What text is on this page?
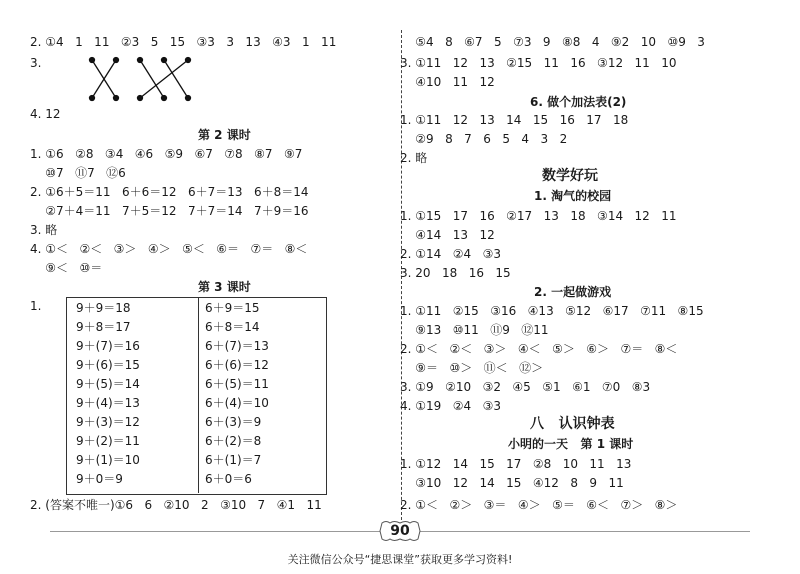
2. ①4   1   11   ②3   5   15   ③3   3   13   ④3   1   11
3.
4. 12
第 2 课时
1. ①6   ②8   ③4   ④6   ⑤9   ⑥7   ⑦8   ⑧7   ⑨7
⑩7   ⑪7   ⑫6
2. ①6＋5＝11   6＋6＝12   6＋7＝13   6＋8＝14
②7＋4＝11   7＋5＝12   7＋7＝14   7＋9＝16
3. 略
4. ①＜   ②＜   ③＞   ④＞   ⑤＜   ⑥＝   ⑦＝   ⑧＜
⑨＜   ⑩＝
第 3 课时
1.
2. (答案不唯一)①6   6   ②10   2   ③10   7   ④1   11
9＋9＝18
9＋8＝17
9＋(7)＝16
9＋(6)＝15
9＋(5)＝14
9＋(4)＝13
9＋(3)＝12
9＋(2)＝11
9＋(1)＝10
9＋0＝9
6＋9＝15
6＋8＝14
6＋(7)＝13
6＋(6)＝12
6＋(5)＝11
6＋(4)＝10
6＋(3)＝9
6＋(2)＝8
6＋(1)＝7
6＋0＝6
⑤4   8   ⑥7   5   ⑦3   9   ⑧8   4   ⑨2   10   ⑩9   3
3. ①11   12   13   ②15   11   16   ③12   11   10
④10   11   12
6. 做个加法表(2)
1. ①11   12   13   14   15   16   17   18
②9   8   7   6   5   4   3   2
2. 略
数学好玩
1. 淘气的校园
1. ①15   17   16   ②17   13   18   ③14   12   11
④14   13   12
2. ①14   ②4   ③3
3. 20   18   16   15
2. 一起做游戏
1. ①11   ②15   ③16   ④13   ⑤12   ⑥17   ⑦11   ⑧15
⑨13   ⑩11   ⑪9   ⑫11
2. ①＜   ②＜   ③＞   ④＜   ⑤＞   ⑥＞   ⑦＝   ⑧＜
⑨＝   ⑩＞   ⑪＜   ⑫＞
3. ①9   ②10   ③2   ④5   ⑤1   ⑥1   ⑦0   ⑧3
4. ①19   ②4   ③3
八   认识钟表
小明的一天   第 1 课时
1. ①12   14   15   17   ②8   10   11   13
③10   12   14   15   ④12   8   9   11
2. ①＜   ②＞   ③＝   ④＞   ⑤＝   ⑥＜   ⑦＞   ⑧＞
90
关注微信公众号“捷思课堂”获取更多学习资料!
